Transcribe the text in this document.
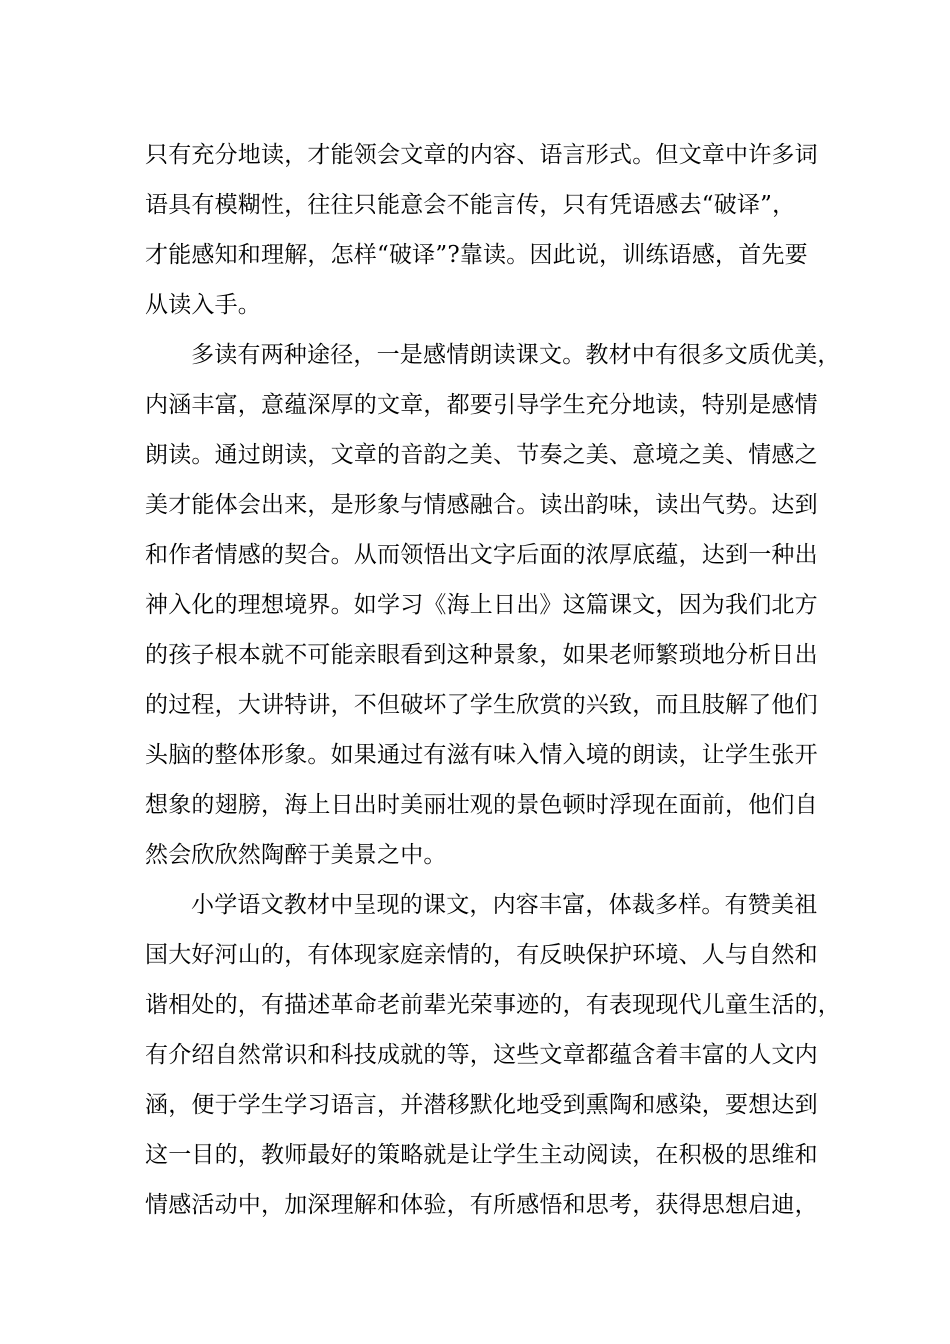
只有充分地读，才能领会文章的内容、语言形式。但文章中许多词
语具有模糊性，往往只能意会不能言传，只有凭语感去“破译”，
才能感知和理解，怎样“破译”?靠读。因此说，训练语感，首先要
从读入手。
多读有两种途径，一是感情朗读课文。教材中有很多文质优美，
内涵丰富，意蕴深厚的文章，都要引导学生充分地读，特别是感情
朗读。通过朗读，文章的音韵之美、节奏之美、意境之美、情感之
美才能体会出来，是形象与情感融合。读出韵味，读出气势。达到
和作者情感的契合。从而领悟出文字后面的浓厚底蕴，达到一种出
神入化的理想境界。如学习《海上日出》这篇课文，因为我们北方
的孩子根本就不可能亲眼看到这种景象，如果老师繁琐地分析日出
的过程，大讲特讲，不但破坏了学生欣赏的兴致，而且肢解了他们
头脑的整体形象。如果通过有滋有味入情入境的朗读，让学生张开
想象的翅膀，海上日出时美丽壮观的景色顿时浮现在面前，他们自
然会欣欣然陶醉于美景之中。
小学语文教材中呈现的课文，内容丰富，体裁多样。有赞美祖
国大好河山的，有体现家庭亲情的，有反映保护环境、人与自然和
谐相处的，有描述革命老前辈光荣事迹的，有表现现代儿童生活的，
有介绍自然常识和科技成就的等，这些文章都蕴含着丰富的人文内
涵，便于学生学习语言，并潜移默化地受到熏陶和感染，要想达到
这一目的，教师最好的策略就是让学生主动阅读，在积极的思维和
情感活动中，加深理解和体验，有所感悟和思考，获得思想启迪，
